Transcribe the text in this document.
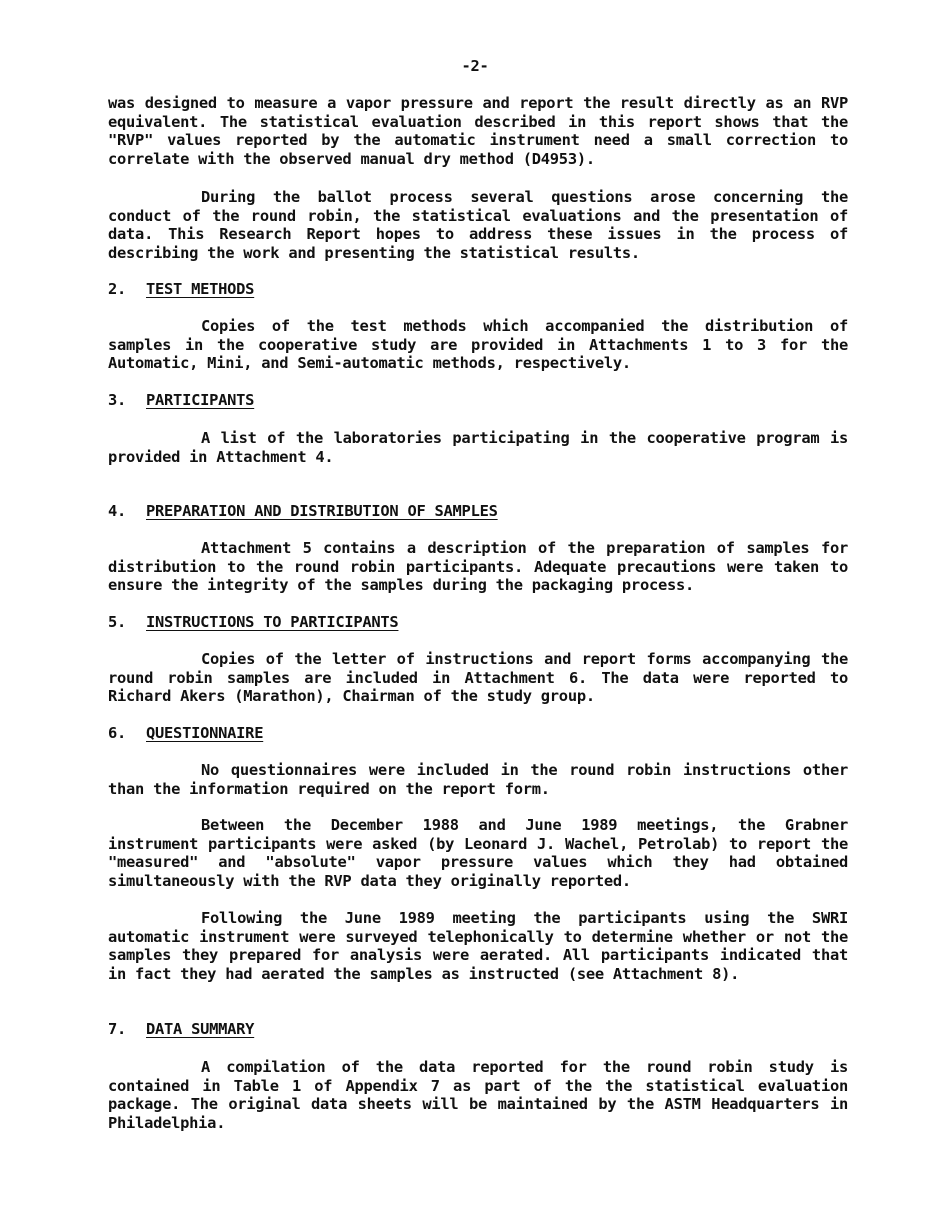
-2-

was designed to measure a vapor pressure and report the result directly as an RVP equivalent. The statistical evaluation described in this report shows that the "RVP" values reported by the automatic instrument need a small correction to correlate with the observed manual dry method (D4953).

During the ballot process several questions arose concerning the conduct of the round robin, the statistical evaluations and the presentation of data. This Research Report hopes to address these issues in the process of describing the work and presenting the statistical results.

2. TEST METHODS

Copies of the test methods which accompanied the distribution of samples in the cooperative study are provided in Attachments 1 to 3 for the Automatic, Mini, and Semi-automatic methods, respectively.

3. PARTICIPANTS

A list of the laboratories participating in the cooperative program is provided in Attachment 4.

4. PREPARATION AND DISTRIBUTION OF SAMPLES

Attachment 5 contains a description of the preparation of samples for distribution to the round robin participants. Adequate precautions were taken to ensure the integrity of the samples during the packaging process.

5. INSTRUCTIONS TO PARTICIPANTS

Copies of the letter of instructions and report forms accompanying the round robin samples are included in Attachment 6. The data were reported to Richard Akers (Marathon), Chairman of the study group.

6. QUESTIONNAIRE

No questionnaires were included in the round robin instructions other than the information required on the report form.

Between the December 1988 and June 1989 meetings, the Grabner instrument participants were asked (by Leonard J. Wachel, Petrolab) to report the "measured" and "absolute" vapor pressure values which they had obtained simultaneously with the RVP data they originally reported.

Following the June 1989 meeting the participants using the SWRI automatic instrument were surveyed telephonically to determine whether or not the samples they prepared for analysis were aerated. All participants indicated that in fact they had aerated the samples as instructed (see Attachment 8).

7. DATA SUMMARY

A compilation of the data reported for the round robin study is contained in Table 1 of Appendix 7 as part of the the statistical evaluation package. The original data sheets will be maintained by the ASTM Headquarters in Philadelphia.
